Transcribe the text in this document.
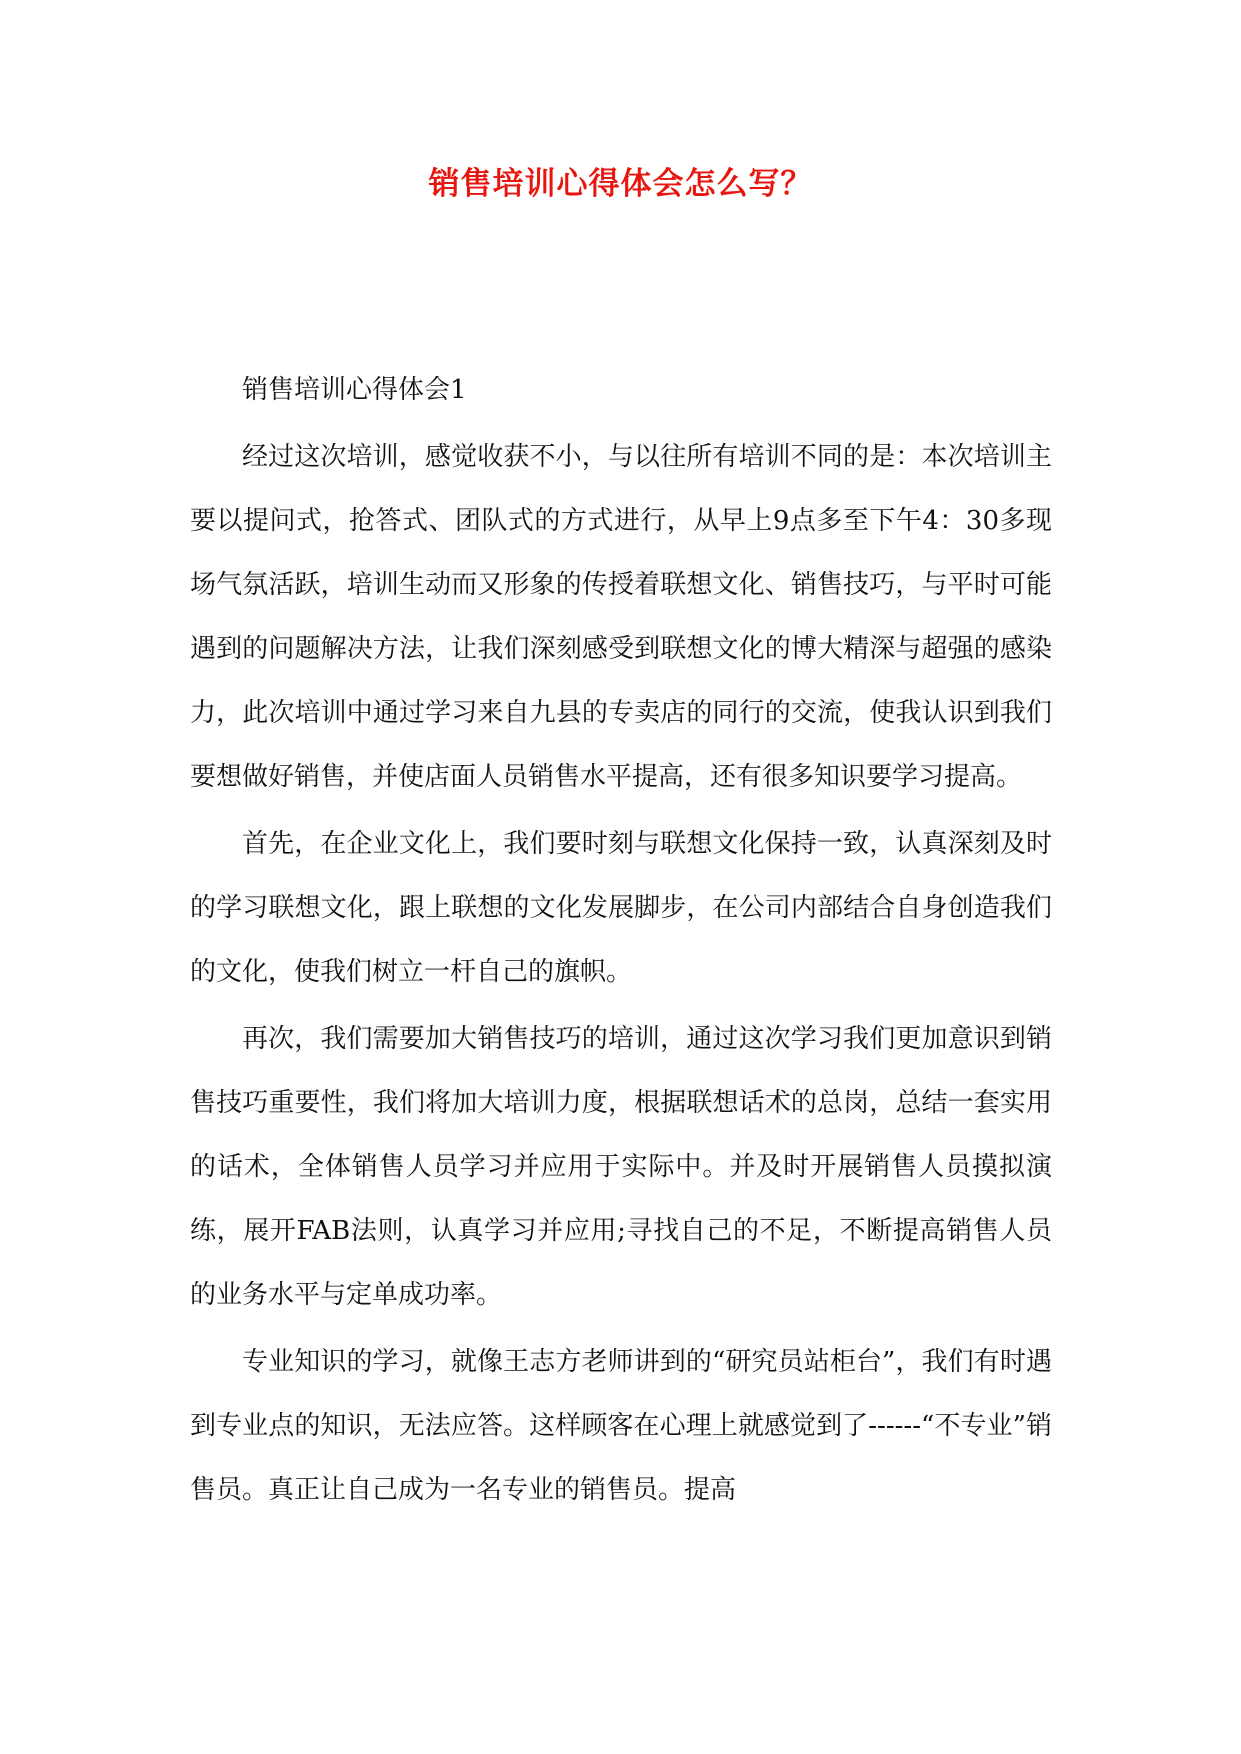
销售培训心得体会怎么写？

销售培训心得体会1

经过这次培训，感觉收获不小，与以往所有培训不同的是：本次培训主要以提问式，抢答式、团队式的方式进行，从早上9点多至下午4：30多现场气氛活跃，培训生动而又形象的传授着联想文化、销售技巧，与平时可能遇到的问题解决方法，让我们深刻感受到联想文化的博大精深与超强的感染力，此次培训中通过学习来自九县的专卖店的同行的交流，使我认识到我们要想做好销售，并使店面人员销售水平提高，还有很多知识要学习提高。

首先，在企业文化上，我们要时刻与联想文化保持一致，认真深刻及时的学习联想文化，跟上联想的文化发展脚步，在公司内部结合自身创造我们的文化，使我们树立一杆自己的旗帜。

再次，我们需要加大销售技巧的培训，通过这次学习我们更加意识到销售技巧重要性，我们将加大培训力度，根据联想话术的总岗，总结一套实用的话术，全体销售人员学习并应用于实际中。并及时开展销售人员摸拟演练，展开FAB法则，认真学习并应用;寻找自己的不足，不断提高销售人员的业务水平与定单成功率。

专业知识的学习，就像王志方老师讲到的“研究员站柜台”，我们有时遇到专业点的知识，无法应答。这样顾客在心理上就感觉到了------“不专业”销售员。真正让自己成为一名专业的销售员。提高
